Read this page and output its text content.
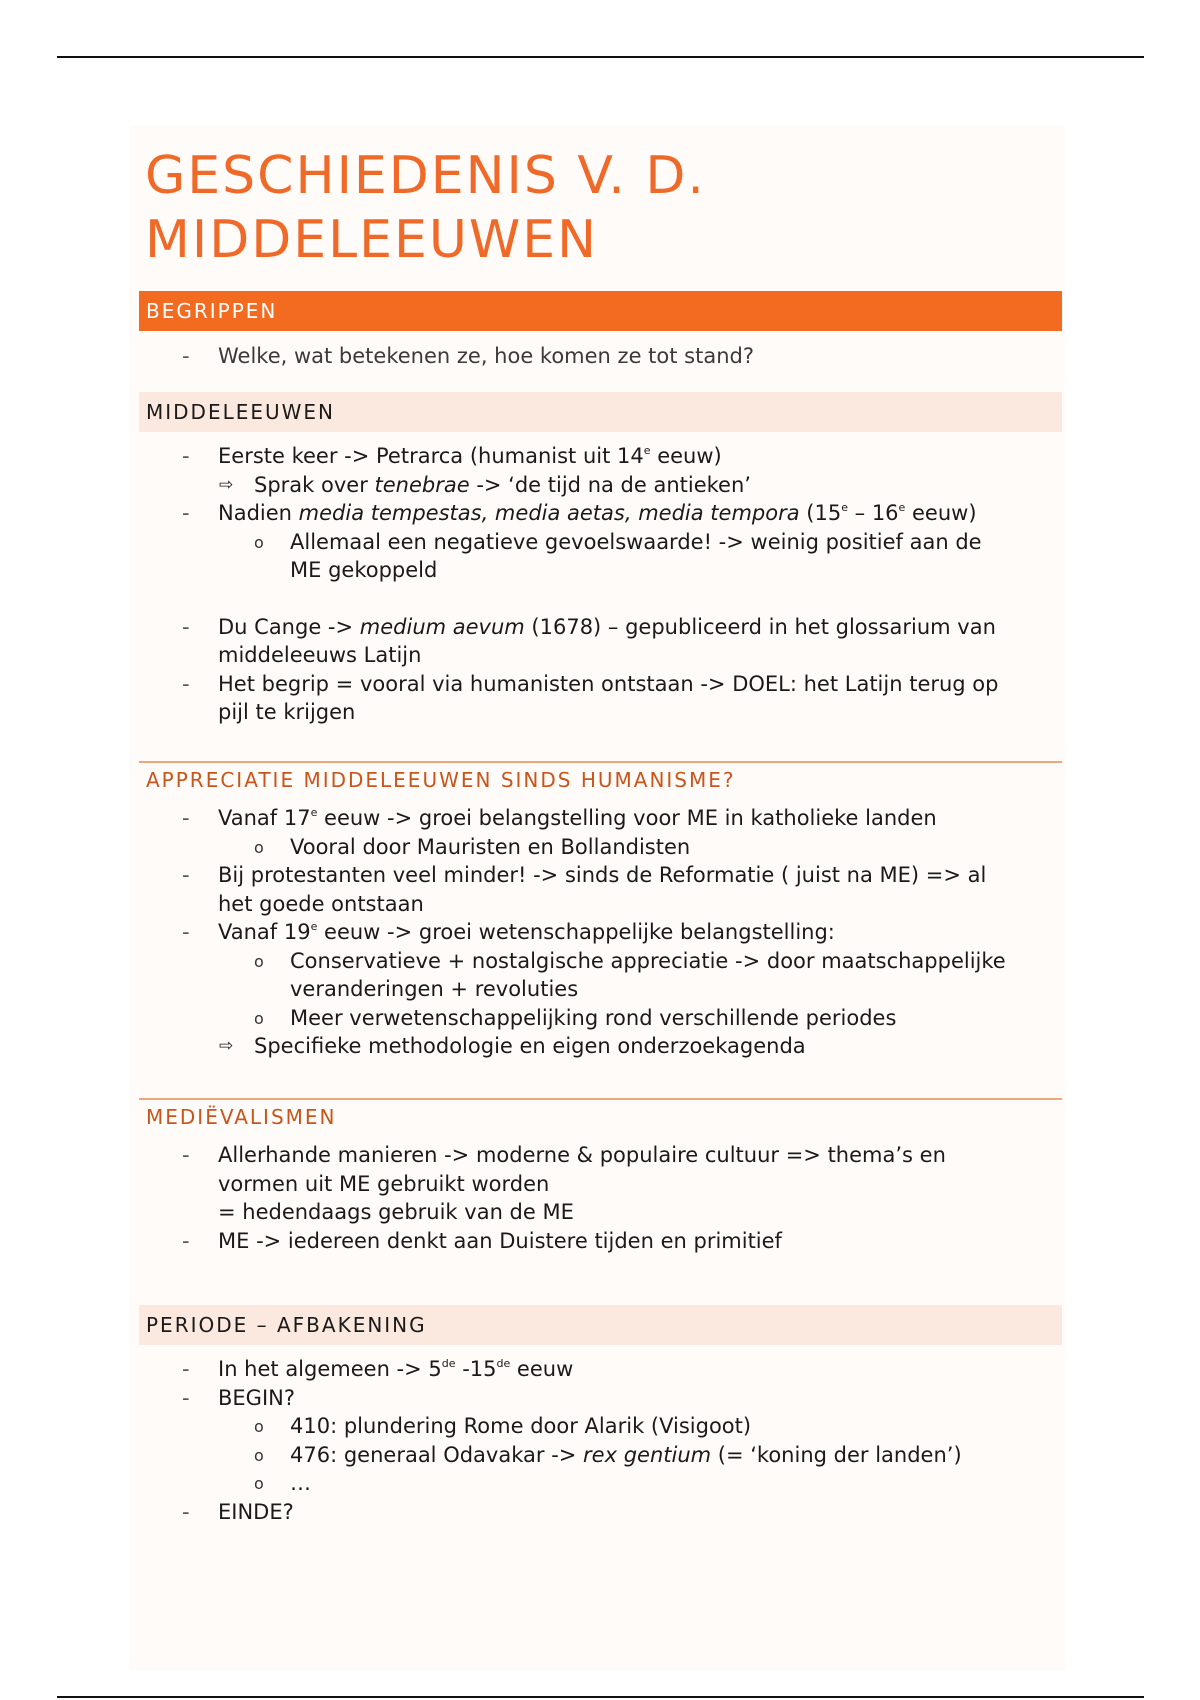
GESCHIEDENIS V. D.
MIDDELEEUWEN
BEGRIPPEN
- Welke, wat betekenen ze, hoe komen ze tot stand?
MIDDELEEUWEN
- Eerste keer -> Petrarca (humanist uit 14e eeuw)
⇨ Sprak over tenebrae -> ‘de tijd na de antieken’
- Nadien media tempestas, media aetas, media tempora (15e – 16e eeuw)
o Allemaal een negatieve gevoelswaarde! -> weinig positief aan de
ME gekoppeld
- Du Cange -> medium aevum (1678) – gepubliceerd in het glossarium van
middeleeuws Latijn
- Het begrip = vooral via humanisten ontstaan -> DOEL: het Latijn terug op
pijl te krijgen
APPRECIATIE MIDDELEEUWEN SINDS HUMANISME?
- Vanaf 17e eeuw -> groei belangstelling voor ME in katholieke landen
o Vooral door Mauristen en Bollandisten
- Bij protestanten veel minder! -> sinds de Reformatie ( juist na ME) => al
het goede ontstaan
- Vanaf 19e eeuw -> groei wetenschappelijke belangstelling:
o Conservatieve + nostalgische appreciatie -> door maatschappelijke
veranderingen + revoluties
o Meer verwetenschappelijking rond verschillende periodes
⇨ Specifieke methodologie en eigen onderzoekagenda
MEDIËVALISMEN
- Allerhande manieren -> moderne & populaire cultuur => thema’s en
vormen uit ME gebruikt worden
= hedendaags gebruik van de ME
- ME -> iedereen denkt aan Duistere tijden en primitief
PERIODE – AFBAKENING
- In het algemeen -> 5de -15de eeuw
- BEGIN?
o 410: plundering Rome door Alarik (Visigoot)
o 476: generaal Odavakar -> rex gentium (= ‘koning der landen’)
o …
- EINDE?
